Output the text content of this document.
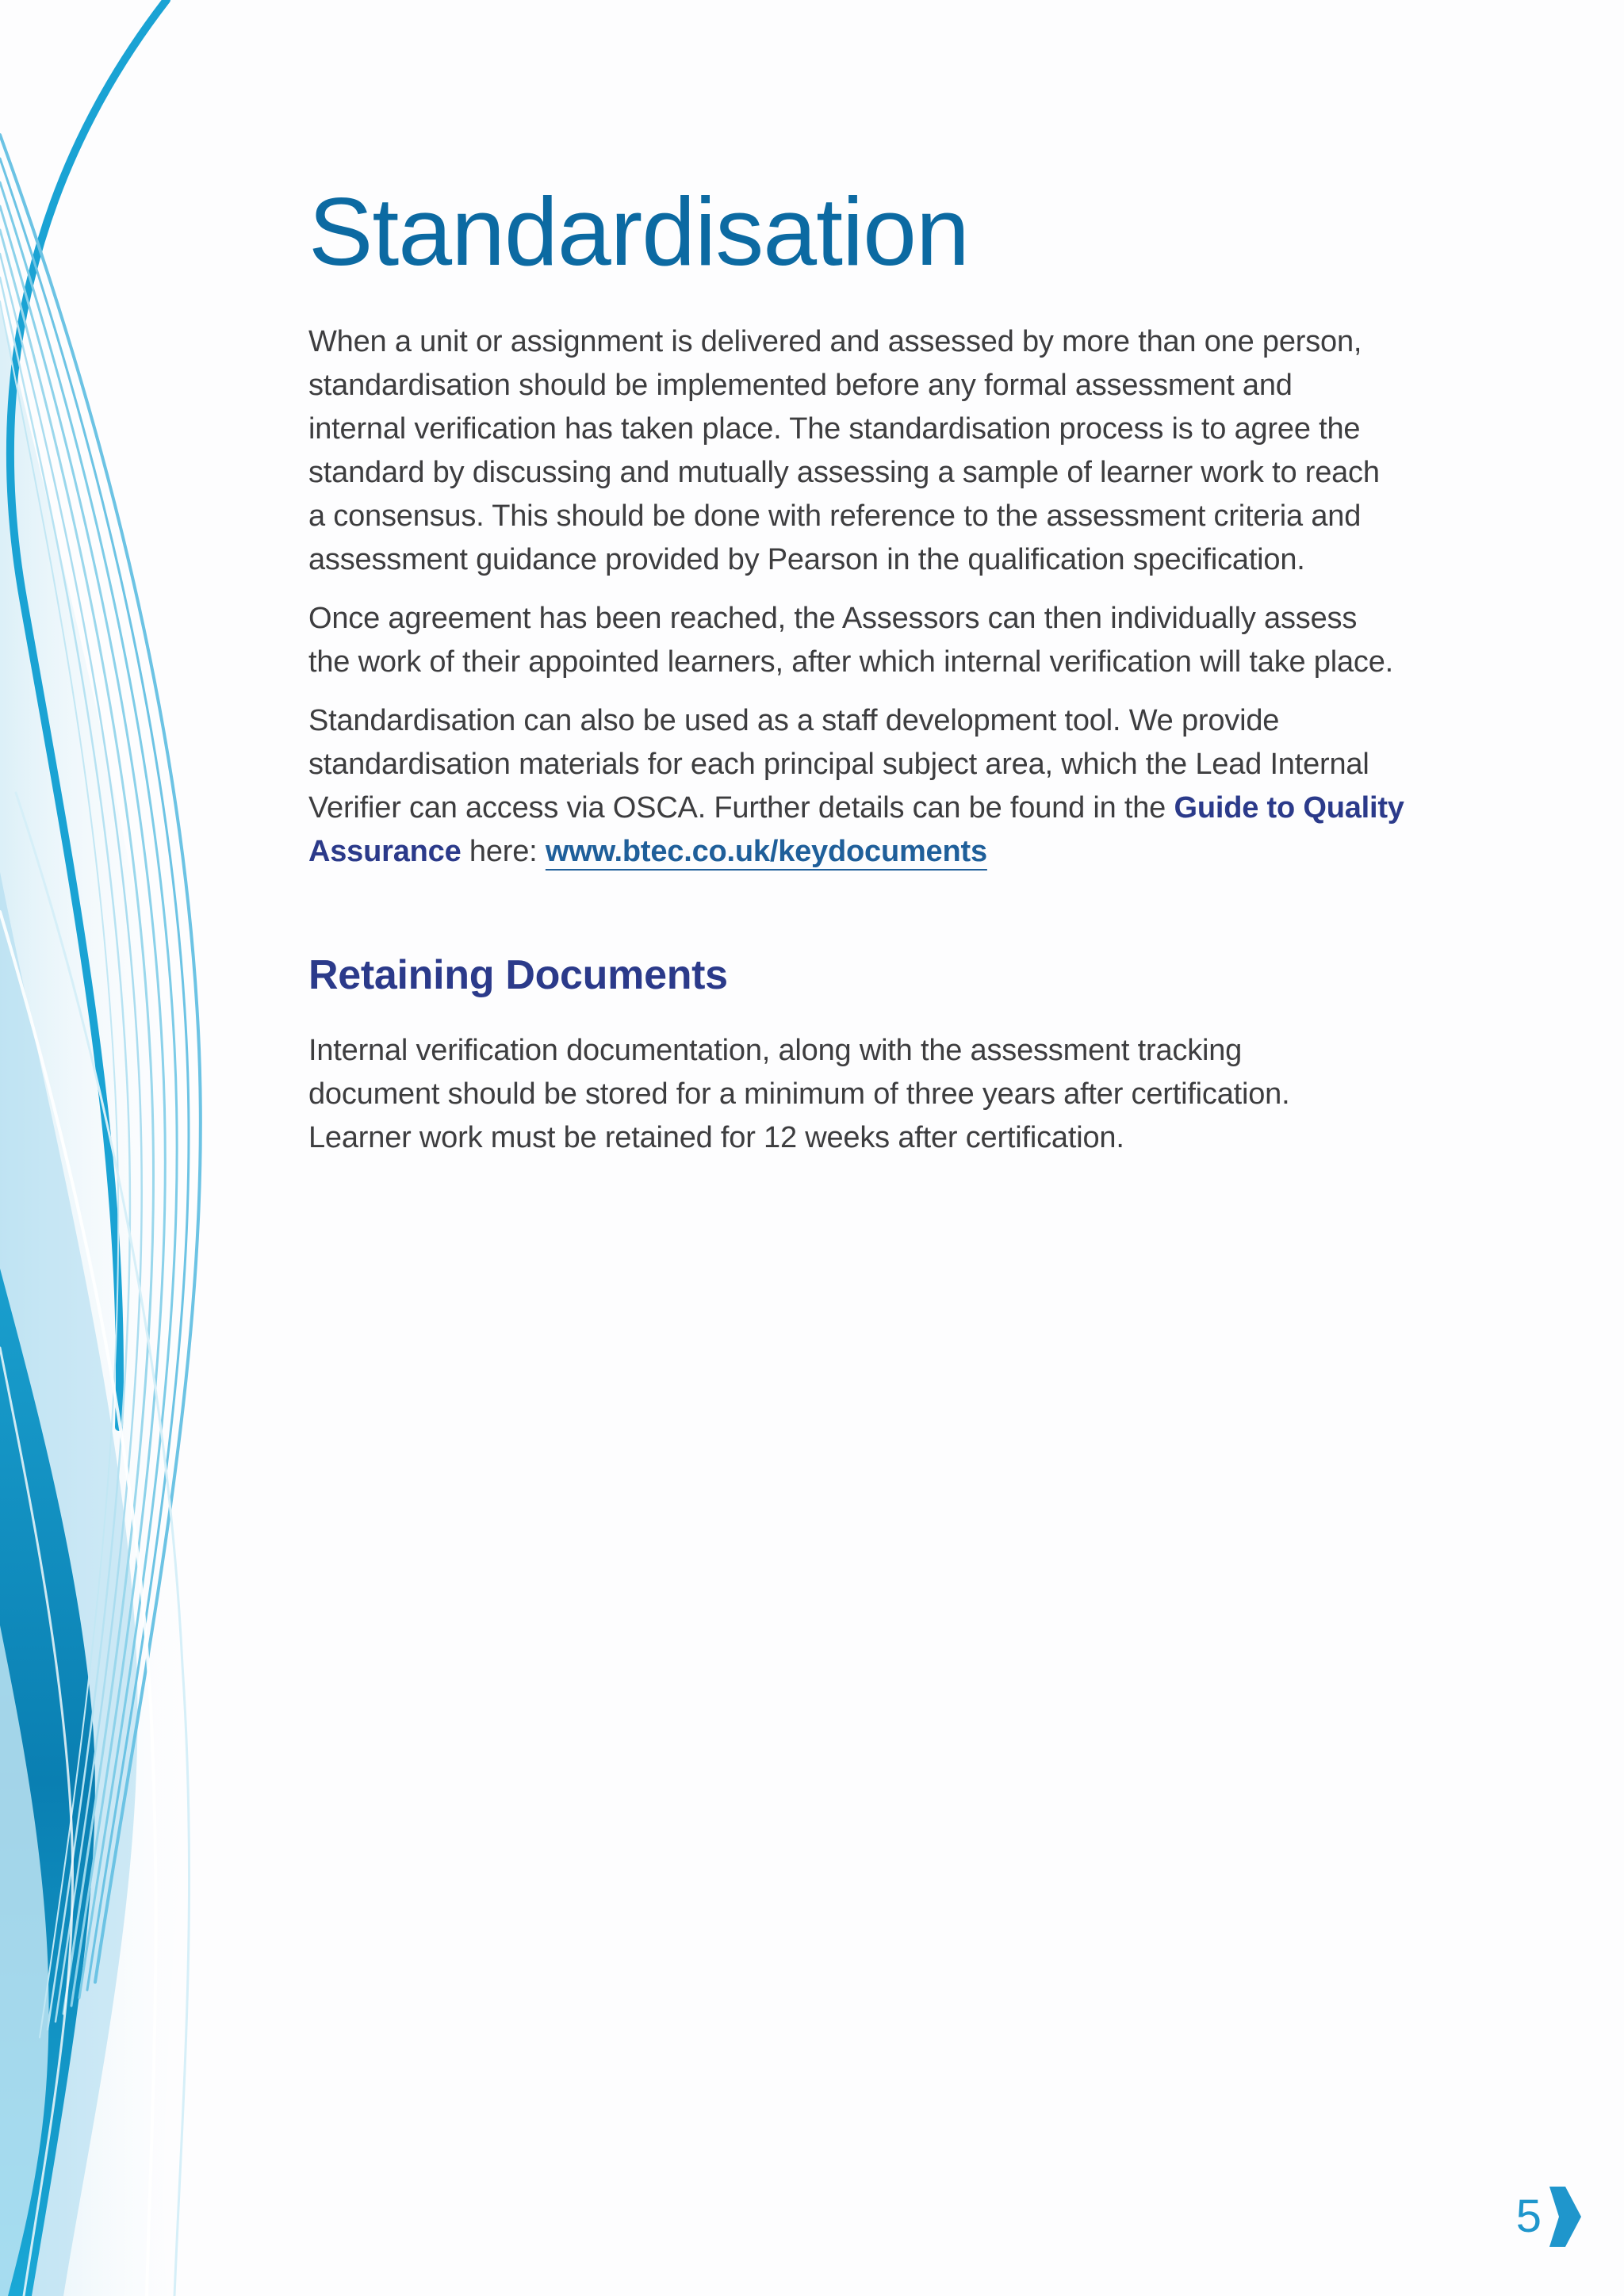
Standardisation

When a unit or assignment is delivered and assessed by more than one person,
standardisation should be implemented before any formal assessment and
internal verification has taken place. The standardisation process is to agree the
standard by discussing and mutually assessing a sample of learner work to reach
a consensus. This should be done with reference to the assessment criteria and
assessment guidance provided by Pearson in the qualification specification.

Once agreement has been reached, the Assessors can then individually assess
the work of their appointed learners, after which internal verification will take place.

Standardisation can also be used as a staff development tool. We provide
standardisation materials for each principal subject area, which the Lead Internal
Verifier can access via OSCA. Further details can be found in the Guide to Quality
Assurance here: www.btec.co.uk/keydocuments

Retaining Documents

Internal verification documentation, along with the assessment tracking
document should be stored for a minimum of three years after certification.
Learner work must be retained for 12 weeks after certification.

5
